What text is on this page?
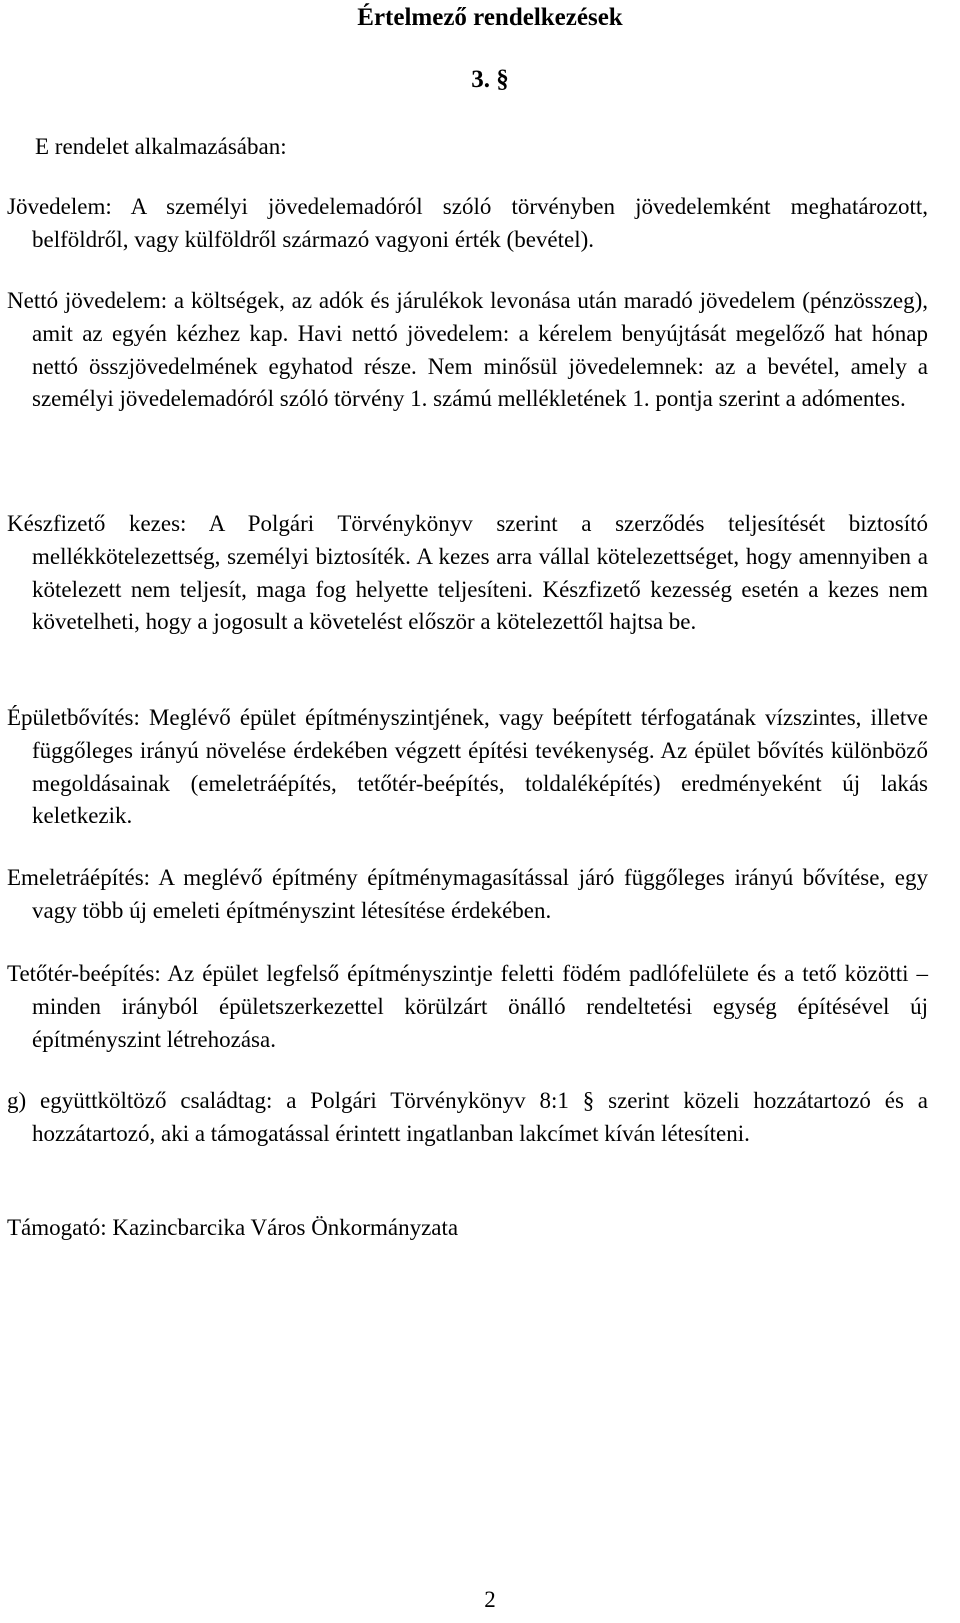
Értelmező rendelkezések
3. §
E rendelet alkalmazásában:
Jövedelem: A személyi jövedelemadóról szóló törvényben jövedelemként meghatározott, belföldről, vagy külföldről származó vagyoni érték (bevétel).
Nettó jövedelem: a költségek, az adók és járulékok levonása után maradó jövedelem (pénzösszeg), amit az egyén kézhez kap. Havi nettó jövedelem: a kérelem benyújtását megelőző hat hónap nettó összjövedelmének egyhatod része. Nem minősül jövedelemnek: az a bevétel, amely a személyi jövedelemadóról szóló törvény 1. számú mellékletének 1. pontja szerint a adómentes.
Készfizető kezes: A Polgári Törvénykönyv szerint a szerződés teljesítését biztosító mellékkötelezettség, személyi biztosíték. A kezes arra vállal kötelezettséget, hogy amennyiben a kötelezett nem teljesít, maga fog helyette teljesíteni. Készfizető kezesség esetén a kezes nem követelheti, hogy a jogosult a követelést először a kötelezettől hajtsa be.
Épületbővítés: Meglévő épület építményszintjének, vagy beépített térfogatának vízszintes, illetve függőleges irányú növelése érdekében végzett építési tevékenység. Az épület bővítés különböző megoldásainak (emeletráépítés, tetőtér-beépítés, toldaléképítés) eredményeként új lakás keletkezik.
Emeletráépítés: A meglévő építmény építménymagasítással járó függőleges irányú bővítése, egy vagy több új emeleti építményszint létesítése érdekében.
Tetőtér-beépítés: Az épület legfelső építményszintje feletti födém padlófelülete és a tető közötti – minden irányból épületszerkezettel körülzárt önálló rendeltetési egység építésével új építményszint létrehozása.
g) együttköltöző családtag: a Polgári Törvénykönyv 8:1 § szerint közeli hozzátartozó és a hozzátartozó, aki a támogatással érintett ingatlanban lakcímet kíván létesíteni.
Támogató: Kazincbarcika Város Önkormányzata
2
